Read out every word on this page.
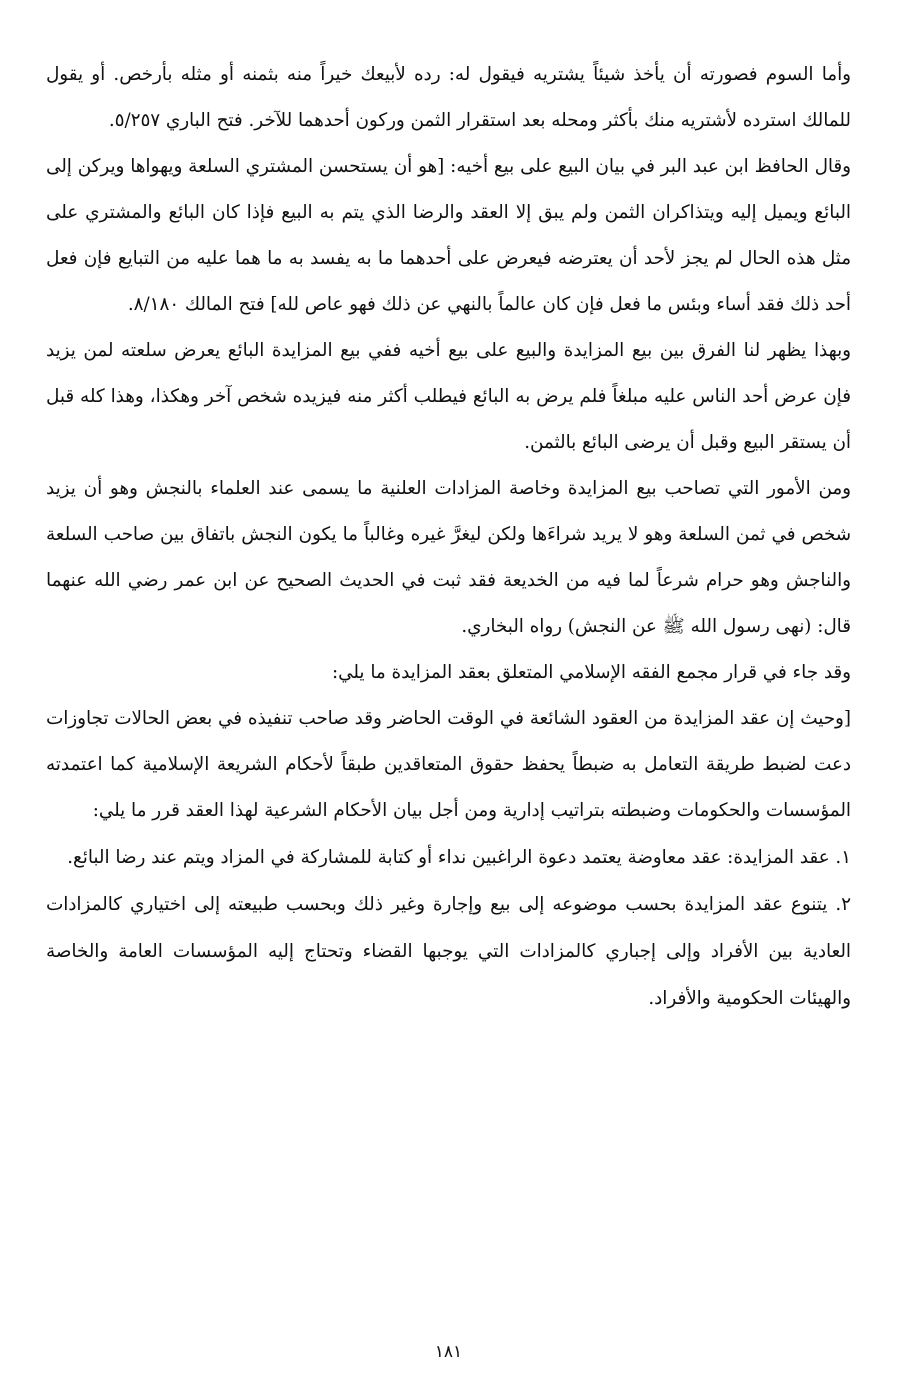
وأما السوم فصورته أن يأخذ شيئاً يشتريه فيقول له: رده لأبيعك خيراً منه بثمنه أو مثله بأرخص. أو يقول للمالك استرده لأشتريه منك بأكثر ومحله بعد استقرار الثمن وركون أحدهما للآخر. فتح الباري ٥/٢٥٧.

وقال الحافظ ابن عبد البر في بيان البيع على بيع أخيه: [هو أن يستحسن المشتري السلعة ويهواها ويركن إلى البائع ويميل إليه ويتذاكران الثمن ولم يبق إلا العقد والرضا الذي يتم به البيع فإذا كان البائع والمشتري على مثل هذه الحال لم يجز لأحد أن يعترضه فيعرض على أحدهما ما به يفسد به ما هما عليه من التبايع فإن فعل أحد ذلك فقد أساء وبئس ما فعل فإن كان عالماً بالنهي عن ذلك فهو عاص لله] فتح المالك ٨/١٨٠.

وبهذا يظهر لنا الفرق بين بيع المزايدة والبيع على بيع أخيه ففي بيع المزايدة البائع يعرض سلعته لمن يزيد فإن عرض أحد الناس عليه مبلغاً فلم يرض به البائع فيطلب أكثر منه فيزيده شخص آخر وهكذا، وهذا كله قبل أن يستقر البيع وقبل أن يرضى البائع بالثمن.

ومن الأمور التي تصاحب بيع المزايدة وخاصة المزادات العلنية ما يسمى عند العلماء بالنجش وهو أن يزيد شخص في ثمن السلعة وهو لا يريد شراءَها ولكن ليغرَّ غيره وغالباً ما يكون النجش باتفاق بين صاحب السلعة والناجش وهو حرام شرعاً لما فيه من الخديعة فقد ثبت في الحديث الصحيح عن ابن عمر رضي الله عنهما قال: (نهى رسول الله ﷺ عن النجش) رواه البخاري.

وقد جاء في قرار مجمع الفقه الإسلامي المتعلق بعقد المزايدة ما يلي:

[وحيث إن عقد المزايدة من العقود الشائعة في الوقت الحاضر وقد صاحب تنفيذه في بعض الحالات تجاوزات دعت لضبط طريقة التعامل به ضبطاً يحفظ حقوق المتعاقدين طبقاً لأحكام الشريعة الإسلامية كما اعتمدته المؤسسات والحكومات وضبطته بتراتيب إدارية ومن أجل بيان الأحكام الشرعية لهذا العقد قرر ما يلي:

١. عقد المزايدة: عقد معاوضة يعتمد دعوة الراغبين نداء أو كتابة للمشاركة في المزاد ويتم عند رضا البائع.

٢. يتنوع عقد المزايدة بحسب موضوعه إلى بيع وإجارة وغير ذلك وبحسب طبيعته إلى اختياري كالمزادات العادية بين الأفراد وإلى إجباري كالمزادات التي يوجبها القضاء وتحتاج إليه المؤسسات العامة والخاصة والهيئات الحكومية والأفراد.

١٨١
